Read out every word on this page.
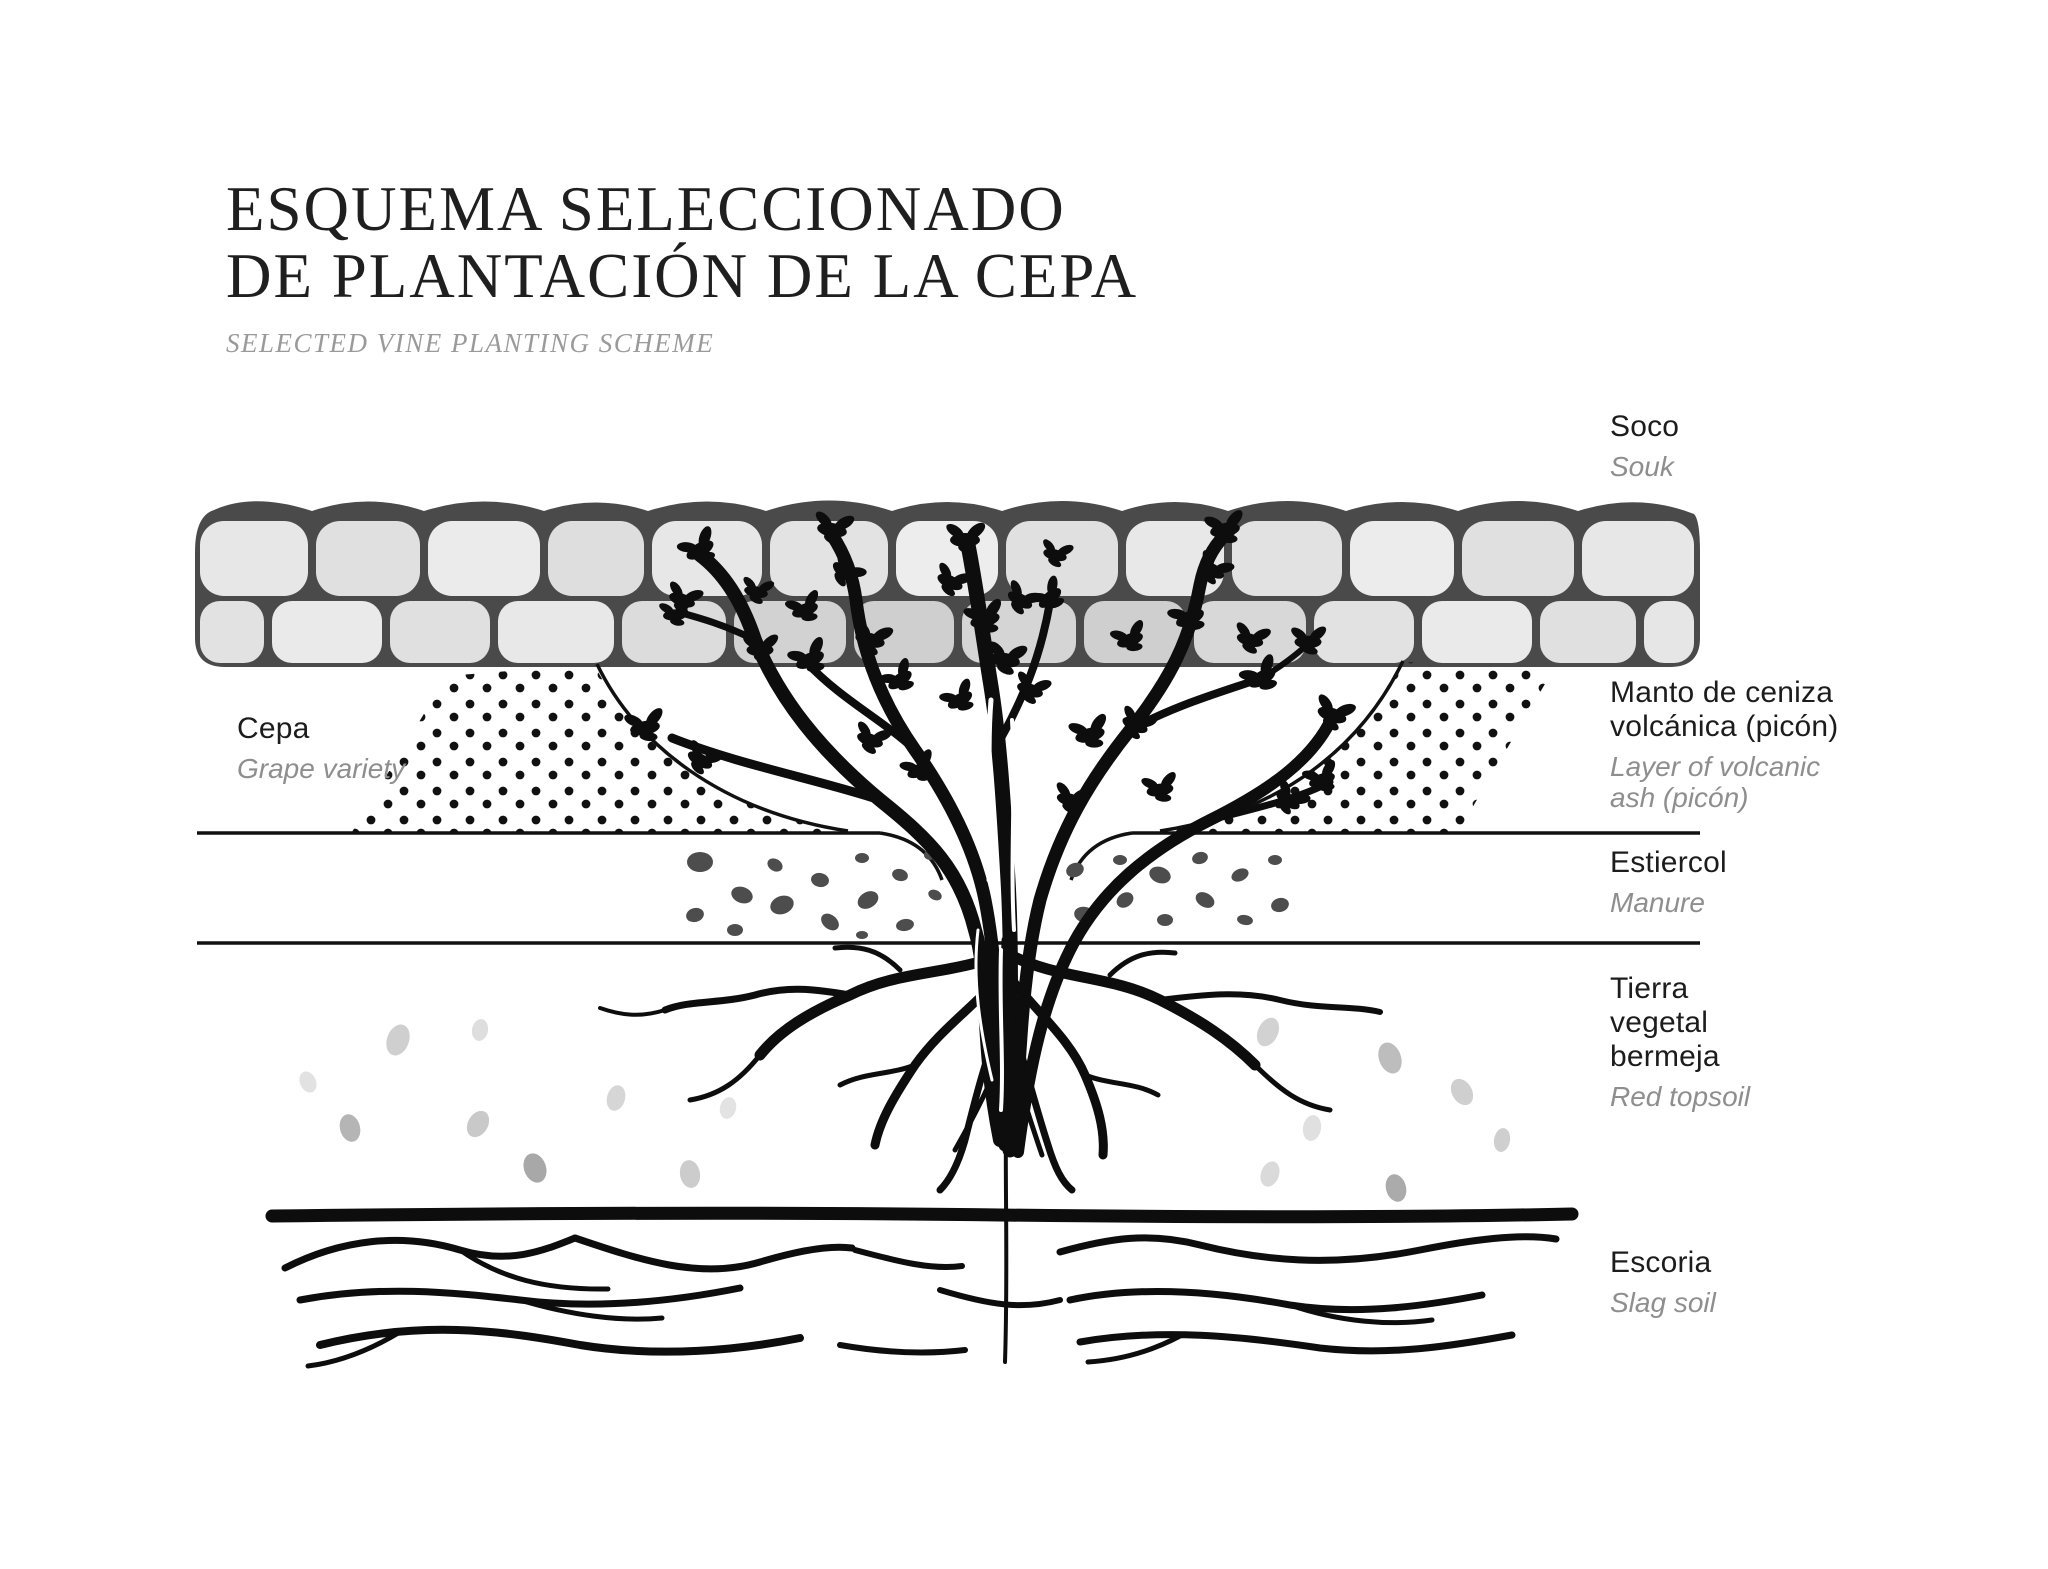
ESQUEMA SELECCIONADO
DE PLANTACIÓN DE LA CEPA
SELECTED VINE PLANTING SCHEME
Soco
Souk
Cepa
Grape variety
Manto de ceniza volcánica (picón)
Layer of volcanic ash (picón)
Estiercol
Manure
Tierra vegetal bermeja
Red topsoil
Escoria
Slag soil
